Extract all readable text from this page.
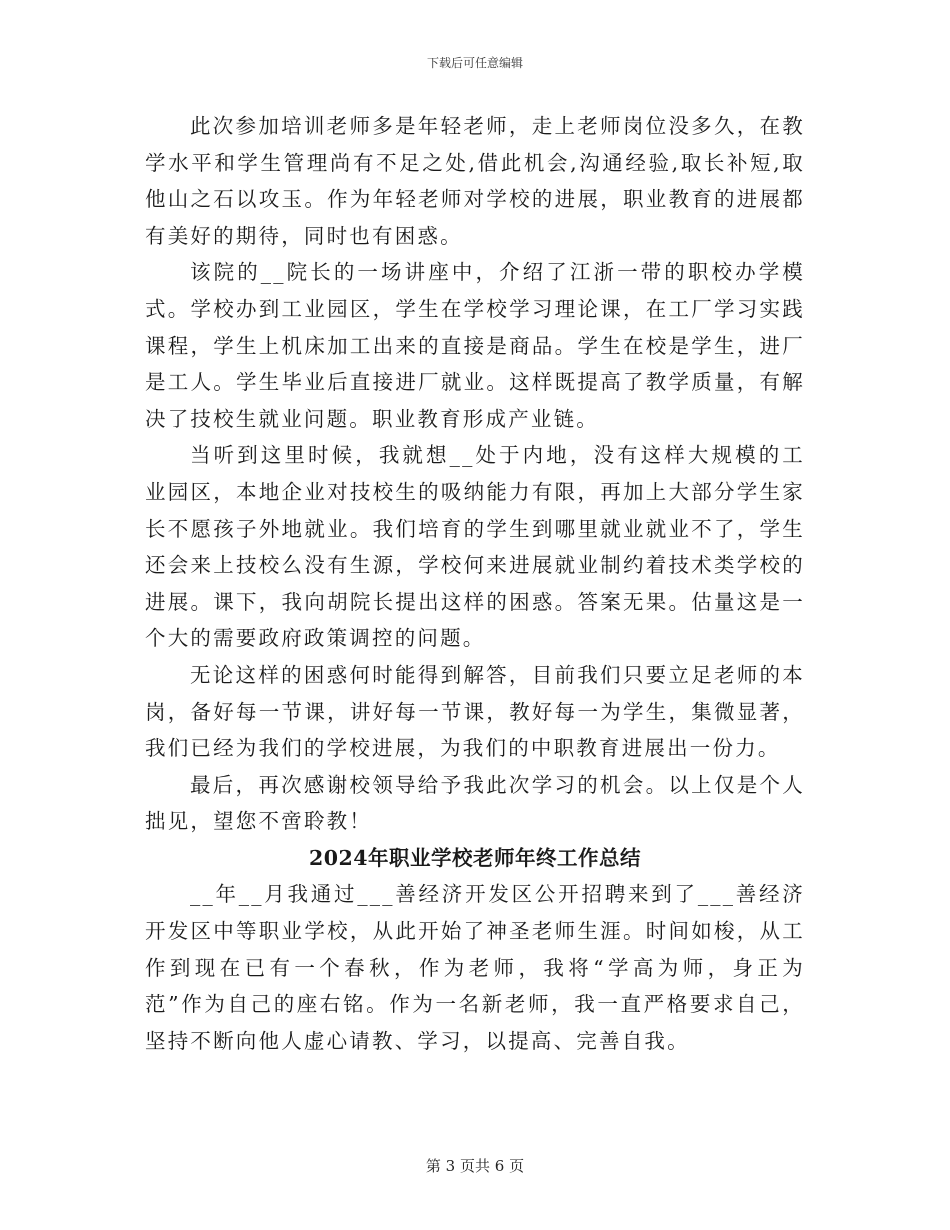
下载后可任意编辑

此次参加培训老师多是年轻老师，走上老师岗位没多久，在教学水平和学生管理尚有不足之处,借此机会,沟通经验,取长补短,取他山之石以攻玉。作为年轻老师对学校的进展，职业教育的进展都有美好的期待，同时也有困惑。

该院的__院长的一场讲座中，介绍了江浙一带的职校办学模式。学校办到工业园区，学生在学校学习理论课，在工厂学习实践课程，学生上机床加工出来的直接是商品。学生在校是学生，进厂是工人。学生毕业后直接进厂就业。这样既提高了教学质量，有解决了技校生就业问题。职业教育形成产业链。

当听到这里时候，我就想__处于内地，没有这样大规模的工业园区，本地企业对技校生的吸纳能力有限，再加上大部分学生家长不愿孩子外地就业。我们培育的学生到哪里就业就业不了，学生还会来上技校么没有生源，学校何来进展就业制约着技术类学校的进展。课下，我向胡院长提出这样的困惑。答案无果。估量这是一个大的需要政府政策调控的问题。

无论这样的困惑何时能得到解答，目前我们只要立足老师的本岗，备好每一节课，讲好每一节课，教好每一为学生，集微显著，我们已经为我们的学校进展，为我们的中职教育进展出一份力。

最后，再次感谢校领导给予我此次学习的机会。以上仅是个人拙见，望您不啻聆教！

2024年职业学校老师年终工作总结

__年__月我通过___善经济开发区公开招聘来到了___善经济开发区中等职业学校，从此开始了神圣老师生涯。时间如梭，从工作到现在已有一个春秋，作为老师，我将“学高为师，身正为范”作为自己的座右铭。作为一名新老师，我一直严格要求自己，坚持不断向他人虚心请教、学习，以提高、完善自我。

第 3 页共 6 页
